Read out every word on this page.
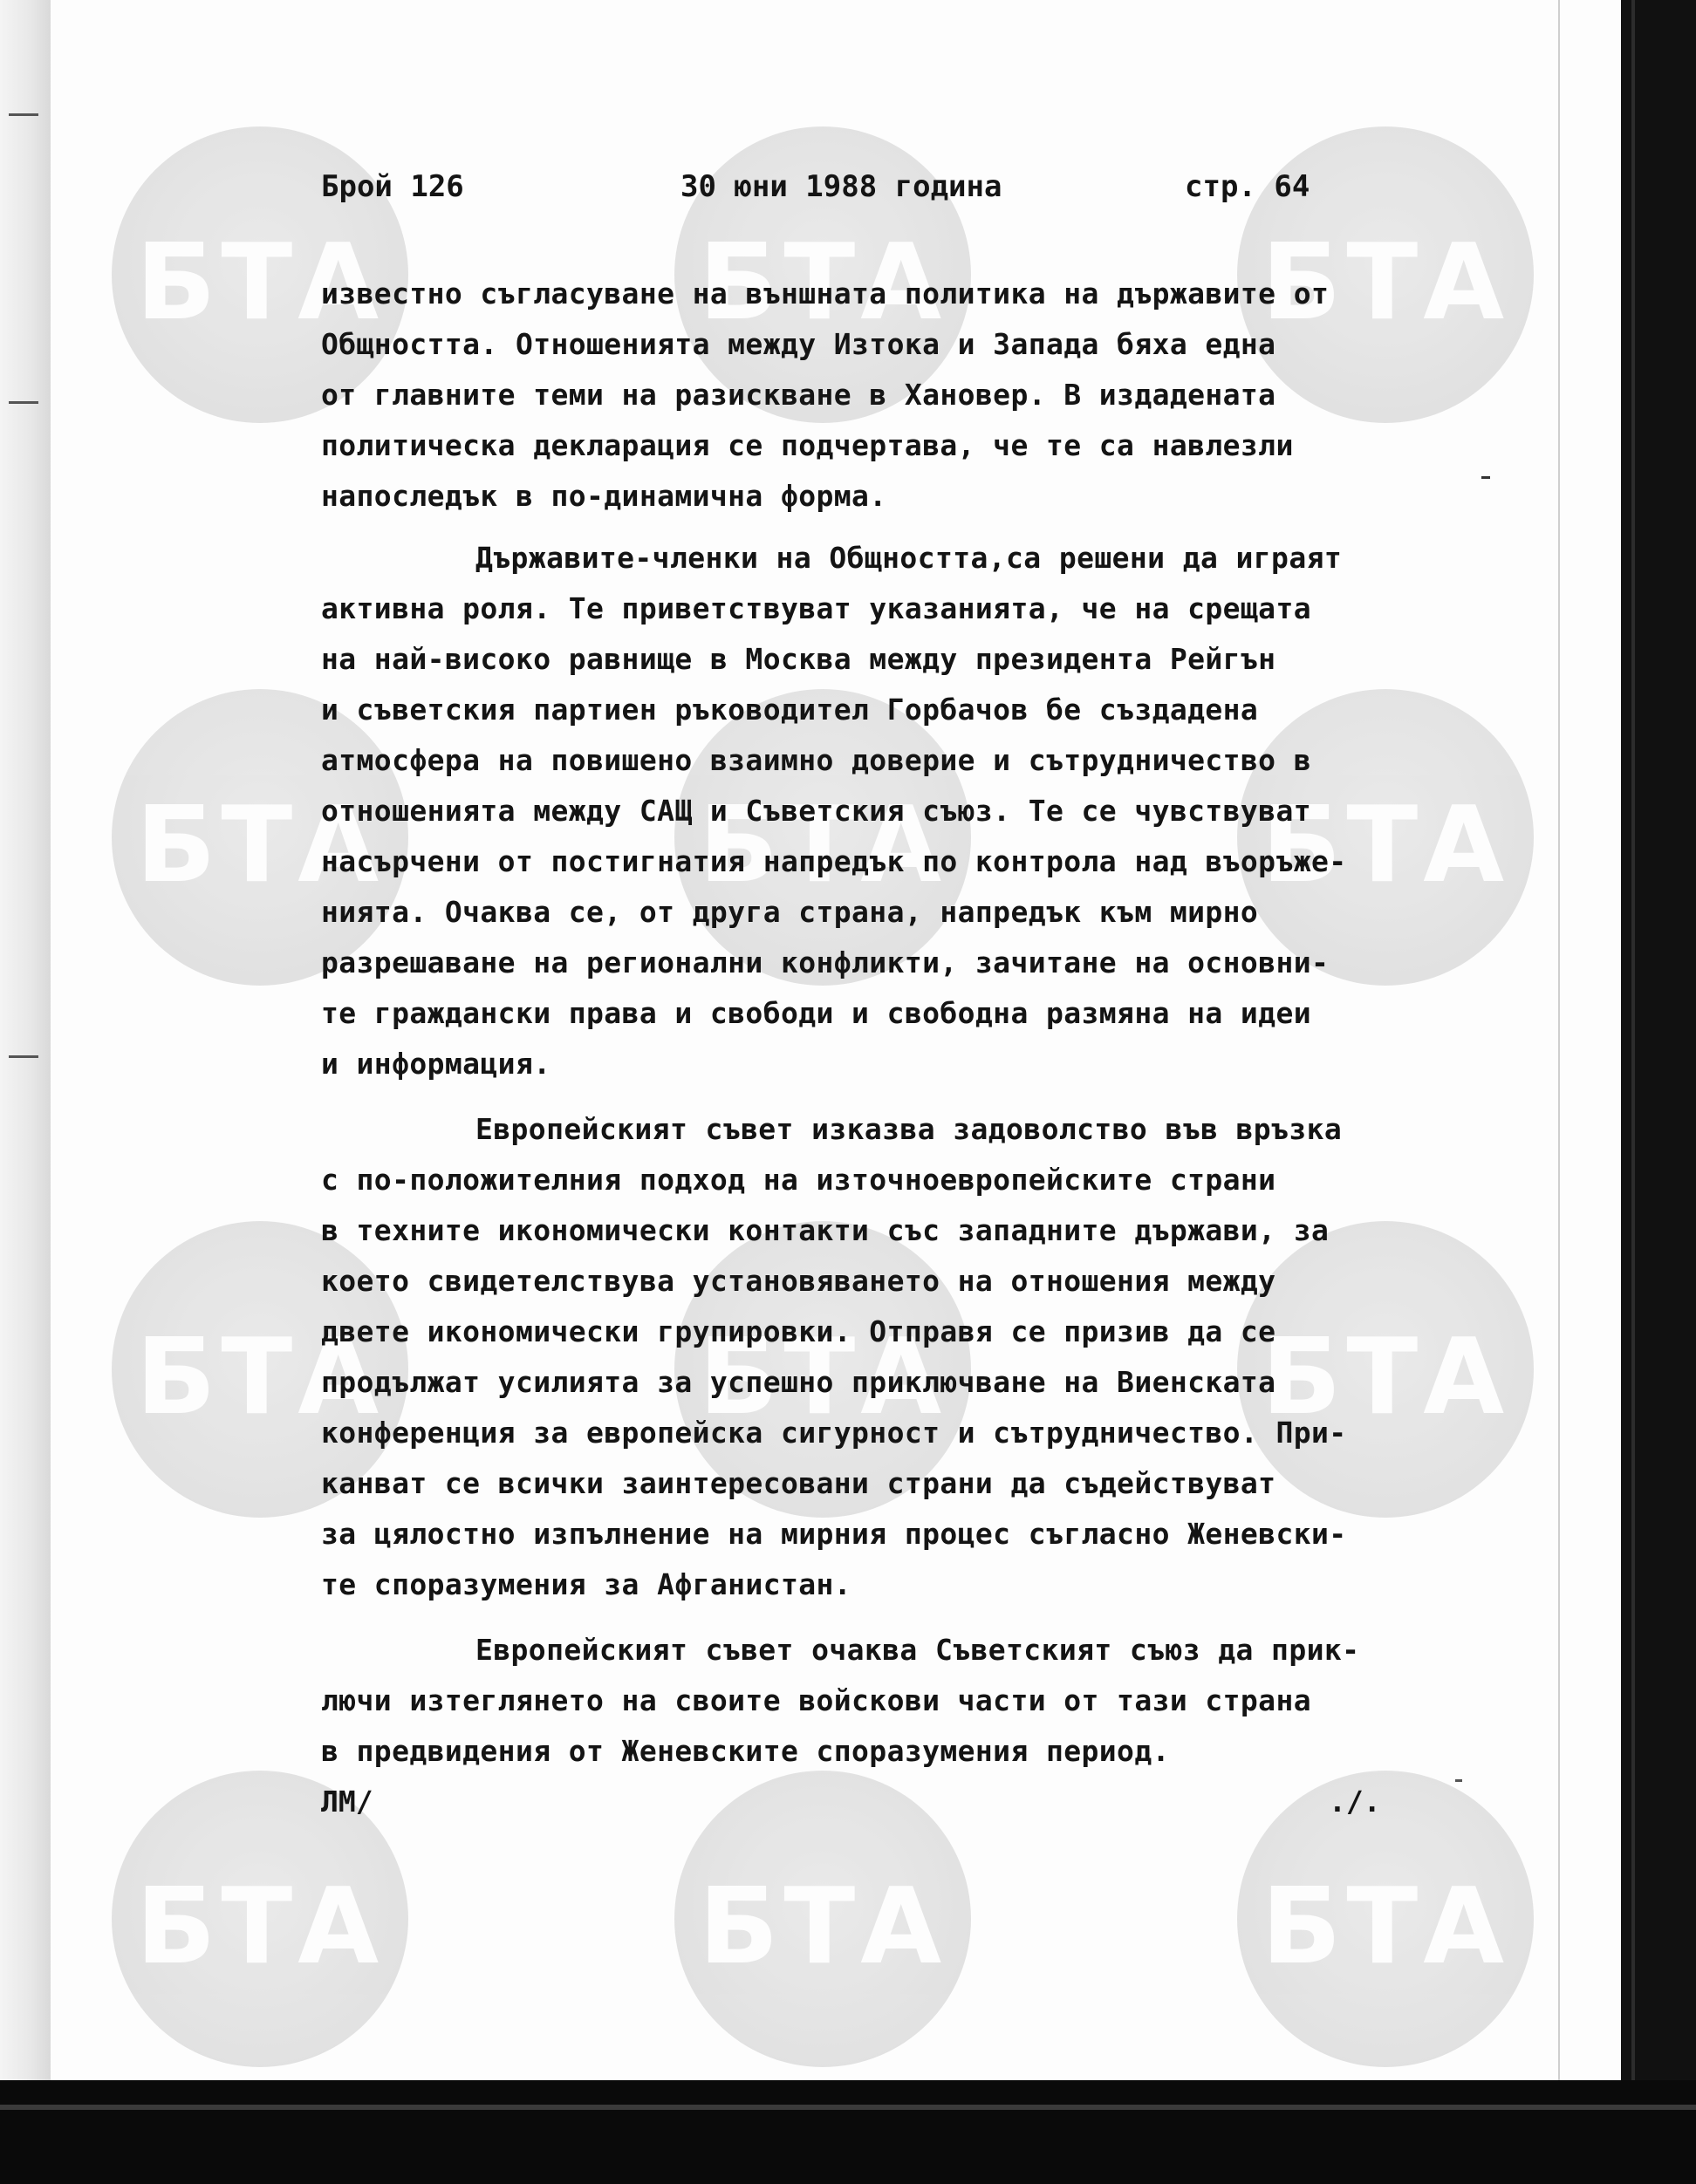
БТА	БТА	БТА
БТА	БТА	БТА
БТА	БТА	БТА
БТА	БТА	БТА
Брой 126	30 юни 1988 година	стр. 64
известно съгласуване на външната политика на държавите от
Общността. Отношенията между Изтока и Запада бяха една
от главните теми на разискване в Хановер. В издадената
политическа декларация се подчертава, че те са навлезли
напоследък в по-динамична форма.
Държавите-членки на Общността,са решени да играят
активна роля. Те приветствуват указанията, че на срещата
на най-високо равнище в Москва между президента Рейгън
и съветския партиен ръководител Горбачов бе създадена
атмосфера на повишено взаимно доверие и сътрудничество в
отношенията между САЩ и Съветския съюз. Те се чувствуват
насърчени от постигнатия напредък по контрола над въоръже-
нията. Очаква се, от друга страна, напредък към мирно
разрешаване на регионални конфликти, зачитане на основни-
те граждански права и свободи и свободна размяна на идеи
и информация.
Европейският съвет изказва задоволство във връзка
с по-положителния подход на източноевропейските страни
в техните икономически контакти със западните държави, за
което свидетелствува установяването на отношения между
двете икономически групировки. Отправя се призив да се
продължат усилията за успешно приключване на Виенската
конференция за европейска сигурност и сътрудничество. При-
канват се всички заинтересовани страни да съдействуват
за цялостно изпълнение на мирния процес съгласно Женевски-
те споразумения за Афганистан.
Европейският съвет очаква Съветският съюз да прик-
лючи изтеглянето на своите войскови части от тази страна
в предвидения от Женевските споразумения период.
ЛМ/	./.
